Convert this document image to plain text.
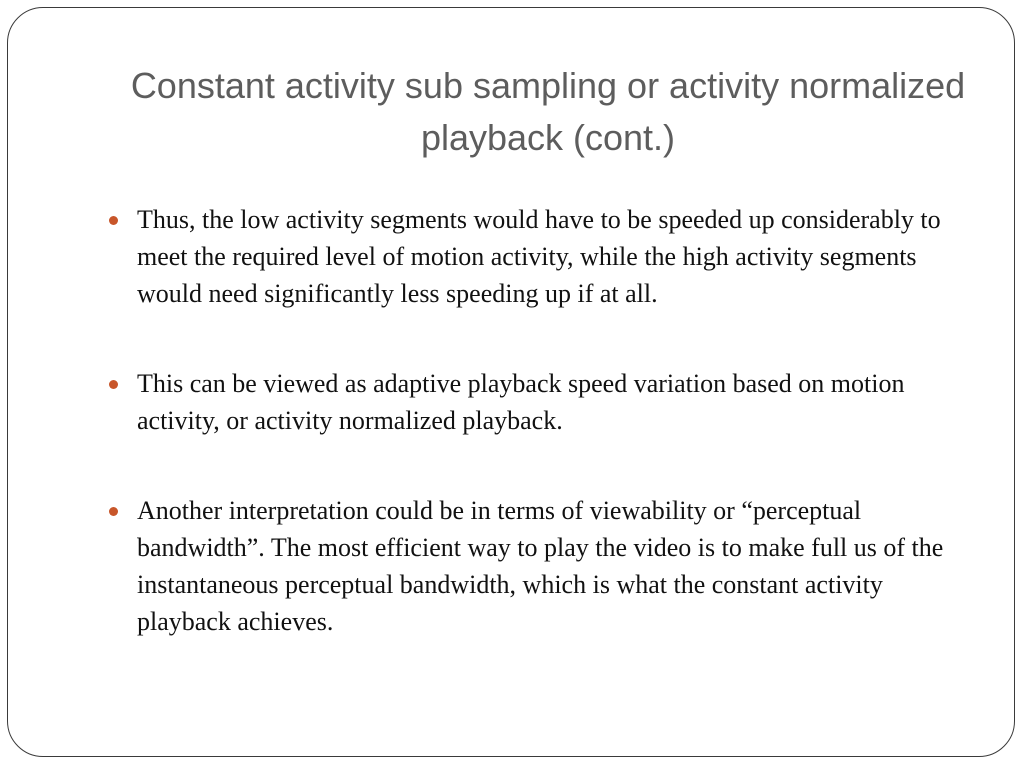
Constant activity sub sampling or activity normalized playback (cont.)
Thus, the low activity segments would have to be speeded up considerably to meet the required level of motion activity, while the high activity segments would need significantly less speeding up if at all.
This can be viewed as adaptive playback speed variation based on motion activity, or activity normalized playback.
Another interpretation could be in terms of viewability or “perceptual bandwidth”. The most efficient way to play the video is to make full us of the instantaneous perceptual bandwidth, which is what the constant activity playback achieves.
